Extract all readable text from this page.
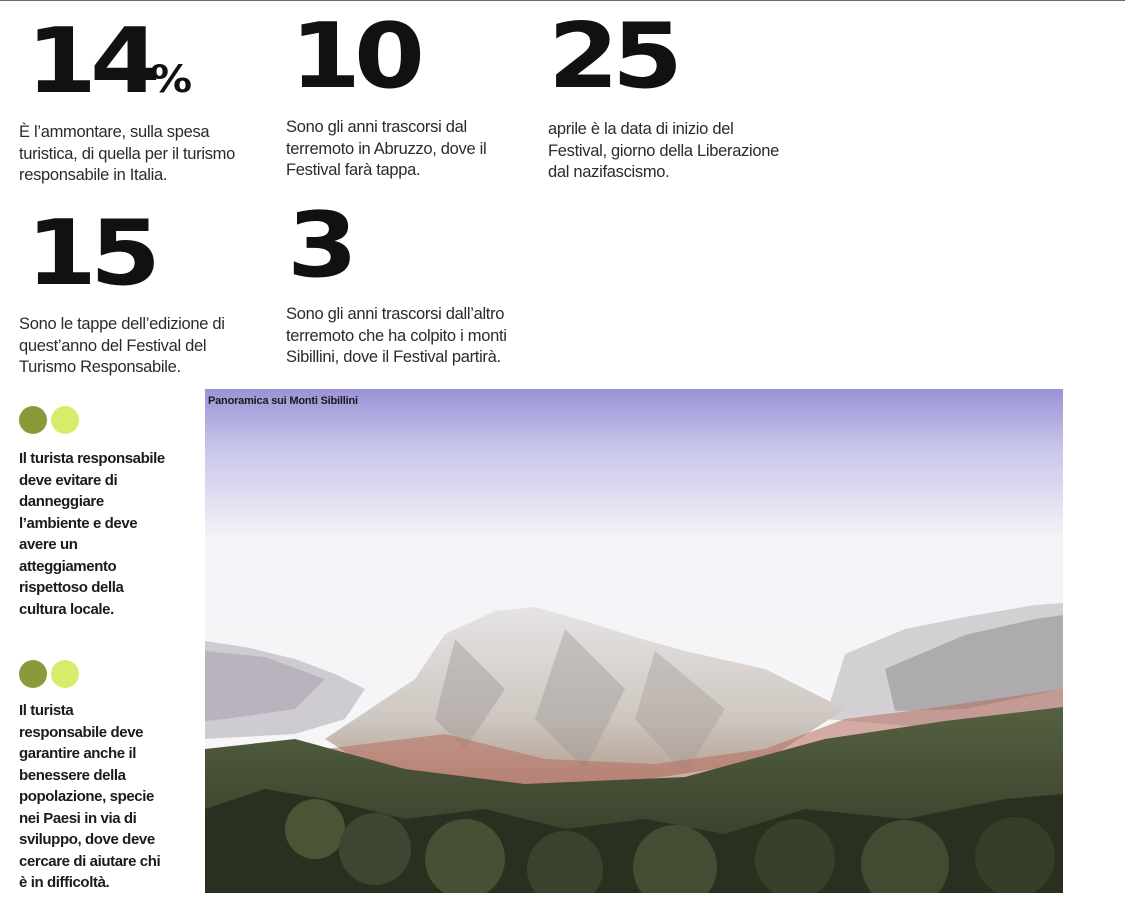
14%
È l’ammontare, sulla spesa
turistica, di quella per il turismo
responsabile in Italia.
10
Sono gli anni trascorsi dal
terremoto in Abruzzo, dove il
Festival farà tappa.
25
aprile è la data di inizio del
Festival, giorno della Liberazione
dal nazifascismo.
15
Sono le tappe dell’edizione di
quest’anno del Festival del
Turismo Responsabile.
3
Sono gli anni trascorsi dall’altro
terremoto che ha colpito i monti
Sibillini, dove il Festival partirà.
Il turista responsabile
deve evitare di
danneggiare
l’ambiente e deve
avere un
atteggiamento
rispettoso della
cultura locale.
Il turista
responsabile deve
garantire anche il
benessere della
popolazione, specie
nei Paesi in via di
sviluppo, dove deve
cercare di aiutare chi
è in difficoltà.
Panoramica sui Monti Sibillini
